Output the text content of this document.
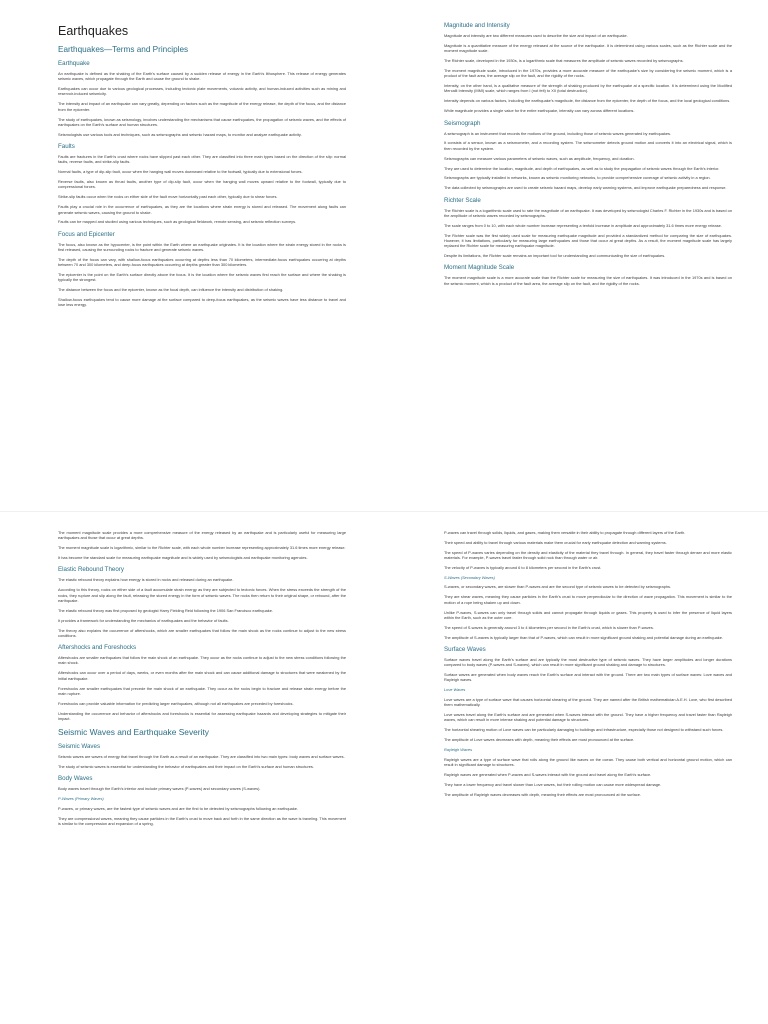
Earthquakes
Earthquakes—Terms and Principles
Earthquake

An earthquake is defined as the shaking of the Earth's surface caused by a sudden release of energy in the Earth's lithosphere. This release of energy generates seismic waves, which propagate through the Earth and cause the ground to shake.

Earthquakes can occur due to various geological processes, including tectonic plate movements, volcanic activity, and human-induced activities such as mining and reservoir-induced seismicity.

The intensity and impact of an earthquake can vary greatly, depending on factors such as the magnitude of the energy release, the depth of the focus, and the distance from the epicenter.

The study of earthquakes, known as seismology, involves understanding the mechanisms that cause earthquakes, the propagation of seismic waves, and the effects of earthquakes on the Earth's surface and human structures.

Seismologists use various tools and techniques, such as seismographs and seismic hazard maps, to monitor and analyze earthquake activity.

Faults

Faults are fractures in the Earth's crust where rocks have slipped past each other. They are classified into three main types based on the direction of the slip: normal faults, reverse faults, and strike-slip faults.

Normal faults, a type of dip-slip fault, occur when the hanging wall moves downward relative to the footwall, typically due to extensional forces.

Reverse faults, also known as thrust faults, another type of dip-slip fault, occur when the hanging wall moves upward relative to the footwall, typically due to compressional forces.

Strike-slip faults occur when the rocks on either side of the fault move horizontally past each other, typically due to shear forces.

Faults play a crucial role in the occurrence of earthquakes, as they are the locations where strain energy is stored and released. The movement along faults can generate seismic waves, causing the ground to shake.

Faults can be mapped and studied using various techniques, such as geological fieldwork, remote sensing, and seismic reflection surveys.

Focus and Epicenter

The focus, also known as the hypocenter, is the point within the Earth where an earthquake originates. It is the location where the strain energy stored in the rocks is first released, causing the surrounding rocks to fracture and generate seismic waves.

The depth of the focus can vary, with shallow-focus earthquakes occurring at depths less than 70 kilometers, intermediate-focus earthquakes occurring at depths between 70 and 300 kilometers, and deep-focus earthquakes occurring at depths greater than 300 kilometers.

The epicenter is the point on the Earth's surface directly above the focus. It is the location where the seismic waves first reach the surface and where the shaking is typically the strongest.

The distance between the focus and the epicenter, known as the focal depth, can influence the intensity and distribution of shaking.

Shallow-focus earthquakes tend to cause more damage at the surface compared to deep-focus earthquakes, as the seismic waves have less distance to travel and lose less energy.

Magnitude and Intensity

Magnitude and intensity are two different measures used to describe the size and impact of an earthquake.

Magnitude is a quantitative measure of the energy released at the source of the earthquake. It is determined using various scales, such as the Richter scale and the moment magnitude scale.

The Richter scale, developed in the 1930s, is a logarithmic scale that measures the amplitude of seismic waves recorded by seismographs.

The moment magnitude scale, introduced in the 1970s, provides a more accurate measure of the earthquake's size by considering the seismic moment, which is a product of the fault area, the average slip on the fault, and the rigidity of the rocks.

Intensity, on the other hand, is a qualitative measure of the strength of shaking produced by the earthquake at a specific location. It is determined using the Modified Mercalli Intensity (MMI) scale, which ranges from I (not felt) to XII (total destruction).

Intensity depends on various factors, including the earthquake's magnitude, the distance from the epicenter, the depth of the focus, and the local geological conditions.

While magnitude provides a single value for the entire earthquake, intensity can vary across different locations.

Seismograph

A seismograph is an instrument that records the motions of the ground, including those of seismic waves generated by earthquakes.

It consists of a sensor, known as a seismometer, and a recording system. The seismometer detects ground motion and converts it into an electrical signal, which is then recorded by the system.

Seismographs can measure various parameters of seismic waves, such as amplitude, frequency, and duration.

They are used to determine the location, magnitude, and depth of earthquakes, as well as to study the propagation of seismic waves through the Earth's interior.

Seismographs are typically installed in networks, known as seismic monitoring networks, to provide comprehensive coverage of seismic activity in a region.

The data collected by seismographs are used to create seismic hazard maps, develop early warning systems, and improve earthquake preparedness and response.

Richter Scale

The Richter scale is a logarithmic scale used to rate the magnitude of an earthquake. It was developed by seismologist Charles F. Richter in the 1930s and is based on the amplitude of seismic waves recorded by seismographs.

The scale ranges from 0 to 10, with each whole number increase representing a tenfold increase in amplitude and approximately 31.6 times more energy release.

The Richter scale was the first widely used scale for measuring earthquake magnitude and provided a standardized method for comparing the size of earthquakes. However, it has limitations, particularly for measuring large earthquakes and those that occur at great depths. As a result, the moment magnitude scale has largely replaced the Richter scale for measuring earthquake magnitude.

Despite its limitations, the Richter scale remains an important tool for understanding and communicating the size of earthquakes.

Moment Magnitude Scale

The moment magnitude scale is a more accurate scale than the Richter scale for measuring the size of earthquakes. It was introduced in the 1970s and is based on the seismic moment, which is a product of the fault area, the average slip on the fault, and the rigidity of the rocks.

The moment magnitude scale provides a more comprehensive measure of the energy released by an earthquake and is particularly useful for measuring large earthquakes and those that occur at great depths.

The moment magnitude scale is logarithmic, similar to the Richter scale, with each whole number increase representing approximately 31.6 times more energy release.

It has become the standard scale for measuring earthquake magnitude and is widely used by seismologists and earthquake monitoring agencies.

Elastic Rebound Theory

The elastic rebound theory explains how energy is stored in rocks and released during an earthquake.

According to this theory, rocks on either side of a fault accumulate strain energy as they are subjected to tectonic forces. When the stress exceeds the strength of the rocks, they rupture and slip along the fault, releasing the stored energy in the form of seismic waves. The rocks then return to their original shape, or rebound, after the earthquake.

The elastic rebound theory was first proposed by geologist Harry Fielding Reid following the 1906 San Francisco earthquake.

It provides a framework for understanding the mechanics of earthquakes and the behavior of faults.

The theory also explains the occurrence of aftershocks, which are smaller earthquakes that follow the main shock as the rocks continue to adjust to the new stress conditions.

Aftershocks and Foreshocks

Aftershocks are smaller earthquakes that follow the main shock of an earthquake. They occur as the rocks continue to adjust to the new stress conditions following the main shock.

Aftershocks can occur over a period of days, weeks, or even months after the main shock and can cause additional damage to structures that were weakened by the initial earthquake.

Foreshocks are smaller earthquakes that precede the main shock of an earthquake. They occur as the rocks begin to fracture and release strain energy before the main rupture.

Foreshocks can provide valuable information for predicting larger earthquakes, although not all earthquakes are preceded by foreshocks.

Understanding the occurrence and behavior of aftershocks and foreshocks is essential for assessing earthquake hazards and developing strategies to mitigate their impact.

Seismic Waves and Earthquake Severity
Seismic Waves

Seismic waves are waves of energy that travel through the Earth as a result of an earthquake. They are classified into two main types: body waves and surface waves.

The study of seismic waves is essential for understanding the behavior of earthquakes and their impact on the Earth's surface and human structures.

Body Waves

Body waves travel through the Earth's interior and include primary waves (P-waves) and secondary waves (S-waves).

P-Waves (Primary Waves)

P-waves, or primary waves, are the fastest type of seismic waves and are the first to be detected by seismographs following an earthquake.

They are compressional waves, meaning they cause particles in the Earth's crust to move back and forth in the same direction as the wave is traveling. This movement is similar to the compression and expansion of a spring.

P-waves can travel through solids, liquids, and gases, making them versatile in their ability to propagate through different layers of the Earth.

Their speed and ability to travel through various materials make them crucial for early earthquake detection and warning systems.

The speed of P-waves varies depending on the density and elasticity of the material they travel through. In general, they travel faster through denser and more elastic materials. For example, P-waves travel faster through solid rock than through water or air.

The velocity of P-waves is typically around 6 to 8 kilometers per second in the Earth's crust.

S-Waves (Secondary Waves)

S-waves, or secondary waves, are slower than P-waves and are the second type of seismic waves to be detected by seismographs.

They are shear waves, meaning they cause particles in the Earth's crust to move perpendicular to the direction of wave propagation. This movement is similar to the motion of a rope being shaken up and down.

Unlike P-waves, S-waves can only travel through solids and cannot propagate through liquids or gases. This property is used to infer the presence of liquid layers within the Earth, such as the outer core.

The speed of S-waves is generally around 3 to 4 kilometers per second in the Earth's crust, which is slower than P-waves.

The amplitude of S-waves is typically larger than that of P-waves, which can result in more significant ground shaking and potential damage during an earthquake.

Surface Waves

Surface waves travel along the Earth's surface and are typically the most destructive type of seismic waves. They have larger amplitudes and longer durations compared to body waves (P-waves and S-waves), which can result in more significant ground shaking and damage to structures.

Surface waves are generated when body waves reach the Earth's surface and interact with the ground. There are two main types of surface waves: Love waves and Rayleigh waves.

Love Waves

Love waves are a type of surface wave that causes horizontal shearing of the ground. They are named after the British mathematician A.E.H. Love, who first described them mathematically.

Love waves travel along the Earth's surface and are generated when S-waves interact with the ground. They have a higher frequency and travel faster than Rayleigh waves, which can result in more intense shaking and potential damage to structures.

The horizontal shearing motion of Love waves can be particularly damaging to buildings and infrastructure, especially those not designed to withstand such forces.

The amplitude of Love waves decreases with depth, meaning their effects are most pronounced at the surface.

Rayleigh Waves

Rayleigh waves are a type of surface wave that rolls along the ground like waves on the ocean. They cause both vertical and horizontal ground motion, which can result in significant damage to structures.

Rayleigh waves are generated when P-waves and S-waves interact with the ground and travel along the Earth's surface.

They have a lower frequency and travel slower than Love waves, but their rolling motion can cause more widespread damage.

The amplitude of Rayleigh waves decreases with depth, meaning their effects are most pronounced at the surface.
